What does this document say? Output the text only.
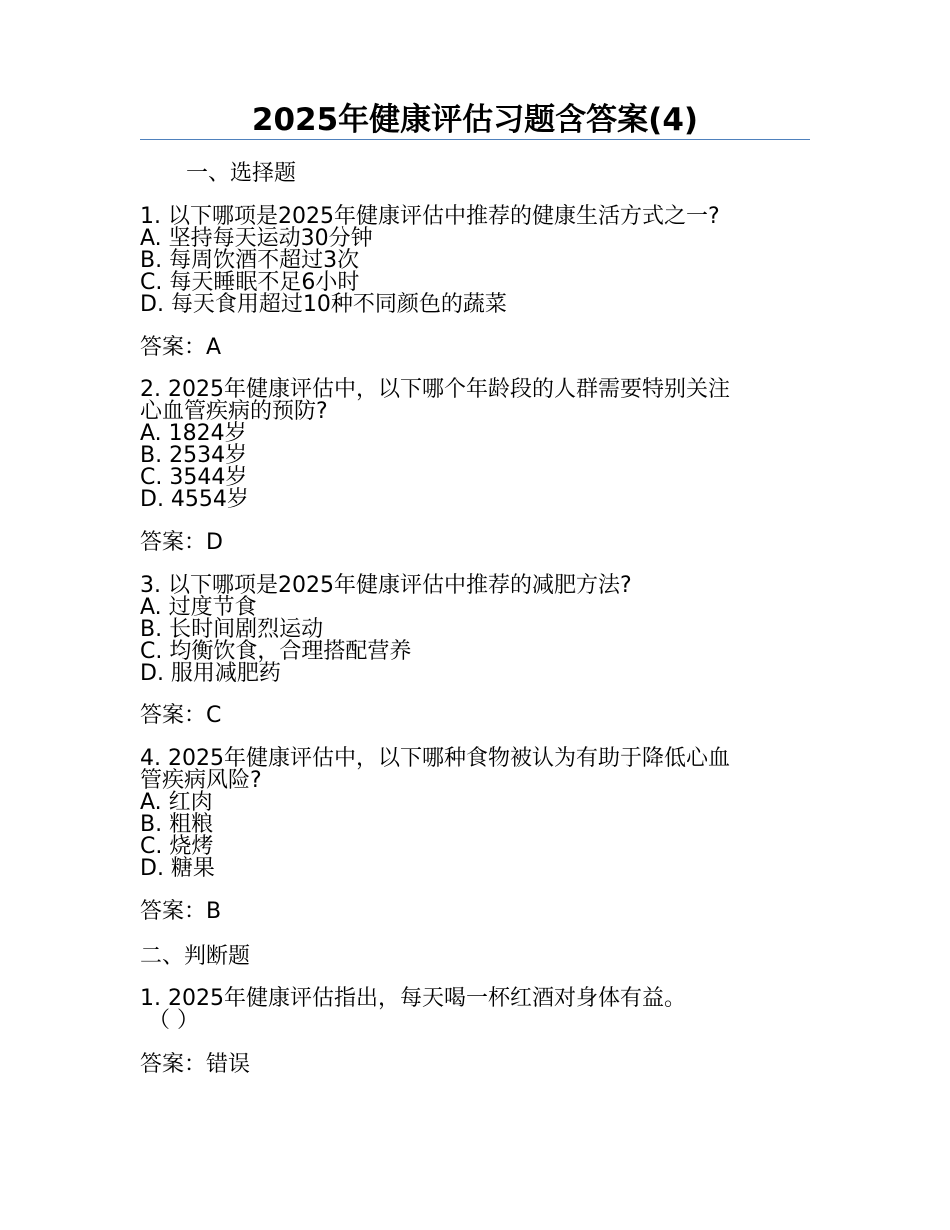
2025年健康评估习题含答案(4)
一、选择题
1. 以下哪项是2025年健康评估中推荐的健康生活方式之一?
A. 坚持每天运动30分钟
B. 每周饮酒不超过3次
C. 每天睡眠不足6小时
D. 每天食用超过10种不同颜色的蔬菜
答案：A
2. 2025年健康评估中，以下哪个年龄段的人群需要特别关注
心血管疾病的预防?
A. 1824岁
B. 2534岁
C. 3544岁
D. 4554岁
答案：D
3. 以下哪项是2025年健康评估中推荐的减肥方法?
A. 过度节食
B. 长时间剧烈运动
C. 均衡饮食，合理搭配营养
D. 服用减肥药
答案：C
4. 2025年健康评估中，以下哪种食物被认为有助于降低心血
管疾病风险?
A. 红肉
B. 粗粮
C. 烧烤
D. 糖果
答案：B
二、判断题
1. 2025年健康评估指出，每天喝一杯红酒对身体有益。
（ ）
答案：错误
